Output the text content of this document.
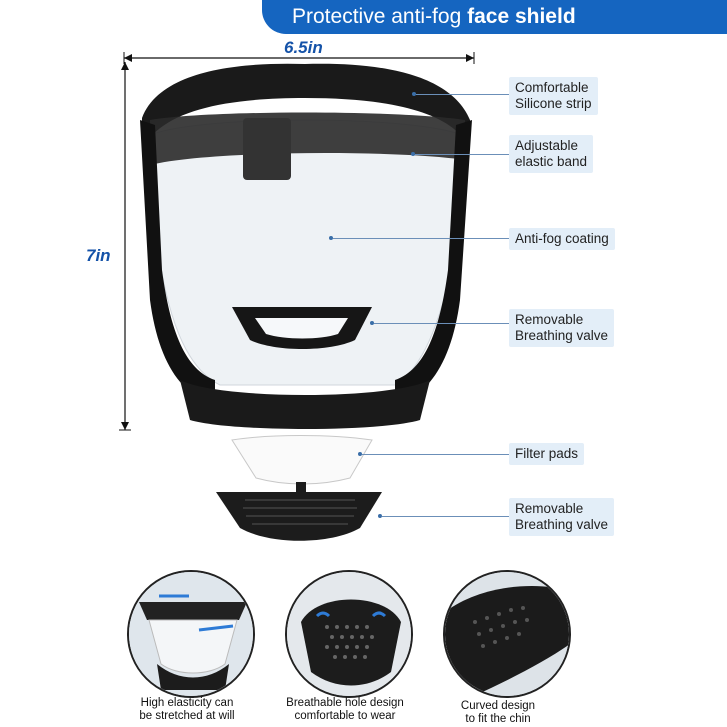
Protective anti-fog face shield
6.5in
7in
Comfortable
Silicone strip
Adjustable
elastic band
Anti-fog coating
Removable
Breathing valve
Filter pads
Removable
Breathing valve
High elasticity can
be stretched at will
Breathable hole design
comfortable to wear
Curved design
to fit the chin
